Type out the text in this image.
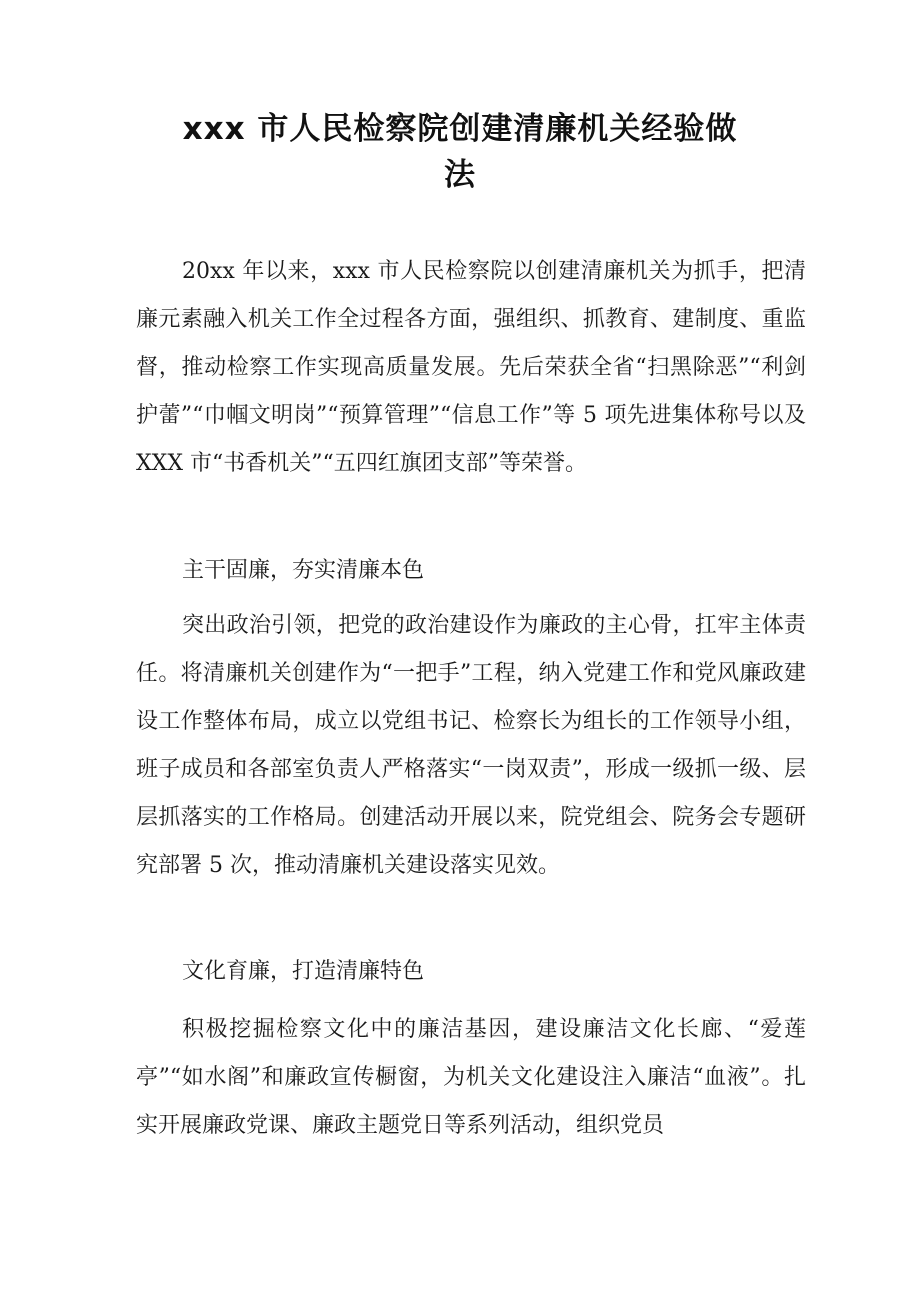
xxx 市人民检察院创建清廉机关经验做
法

20xx 年以来，xxx 市人民检察院以创建清廉机关为抓手，把清廉元素融入机关工作全过程各方面，强组织、抓教育、建制度、重监督，推动检察工作实现高质量发展。先后荣获全省“扫黑除恶”“利剑护蕾”“巾帼文明岗”“预算管理”“信息工作”等 5 项先进集体称号以及 XXX 市“书香机关”“五四红旗团支部”等荣誉。

主干固廉，夯实清廉本色

突出政治引领，把党的政治建设作为廉政的主心骨，扛牢主体责任。将清廉机关创建作为“一把手”工程，纳入党建工作和党风廉政建设工作整体布局，成立以党组书记、检察长为组长的工作领导小组，班子成员和各部室负责人严格落实“一岗双责”，形成一级抓一级、层层抓落实的工作格局。创建活动开展以来，院党组会、院务会专题研究部署 5 次，推动清廉机关建设落实见效。

文化育廉，打造清廉特色

积极挖掘检察文化中的廉洁基因，建设廉洁文化长廊、“爱莲亭”“如水阁”和廉政宣传橱窗，为机关文化建设注入廉洁“血液”。扎实开展廉政党课、廉政主题党日等系列活动，组织党员
